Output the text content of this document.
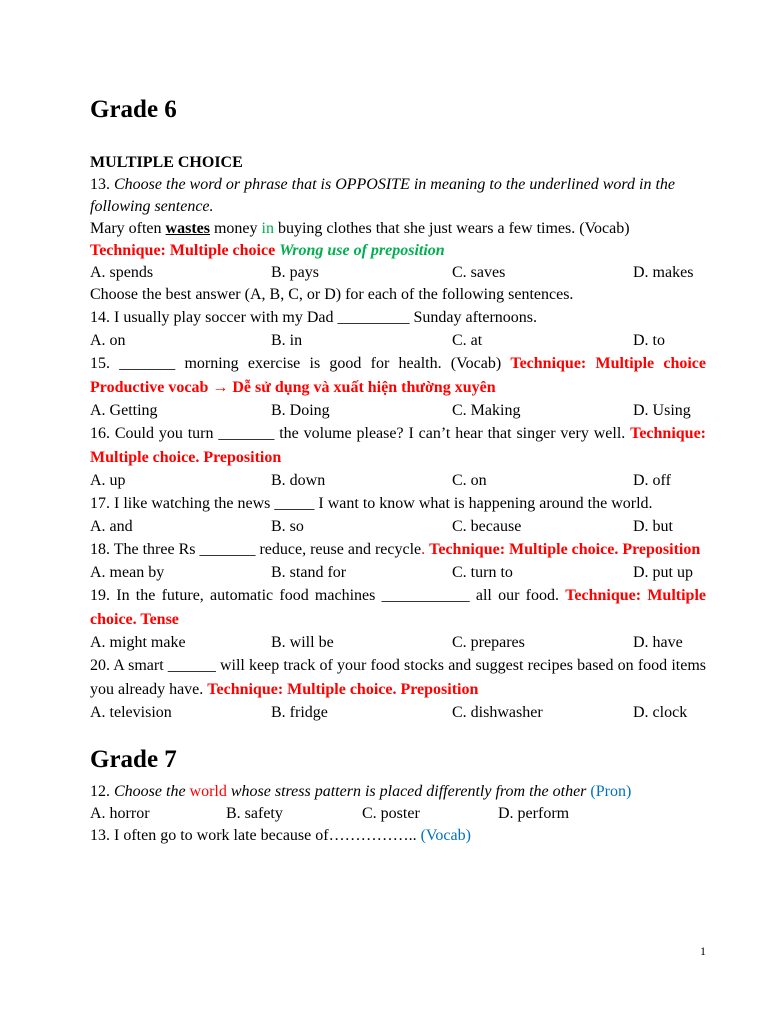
Grade 6

MULTIPLE CHOICE

13. Choose the word or phrase that is OPPOSITE in meaning to the underlined word in the following sentence.

Mary often wastes money in buying clothes that she just wears a few times. (Vocab)

Technique: Multiple choice Wrong use of preposition

A. spends	B. pays	C. saves	D. makes

Choose the best answer (A, B, C, or D) for each of the following sentences.

14. I usually play soccer with my Dad _________ Sunday afternoons.

A. on	B. in	C. at	D. to

15. _______ morning exercise is good for health. (Vocab) Technique: Multiple choice Productive vocab → Dễ sử dụng và xuất hiện thường xuyên

A. Getting	B. Doing	C. Making	D. Using

16. Could you turn _______ the volume please? I can’t hear that singer very well. Technique: Multiple choice. Preposition

A. up	B. down	C. on	D. off

17. I like watching the news _____ I want to know what is happening around the world.

A. and	B. so	C. because	D. but

18. The three Rs _______ reduce, reuse and recycle. Technique: Multiple choice. Preposition

A. mean by	B. stand for	C. turn to	D. put up

19. In the future, automatic food machines ___________ all our food. Technique: Multiple choice. Tense

A. might make	B. will be	C. prepares	D. have

20. A smart ______ will keep track of your food stocks and suggest recipes based on food items you already have. Technique: Multiple choice. Preposition

A. television	B. fridge	C. dishwasher	D. clock
Grade 7

12. Choose the world whose stress pattern is placed differently from the other (Pron)

A. horror	B. safety	C. poster	D. perform

13. I often go to work late because of…………….. (Vocab)

1
